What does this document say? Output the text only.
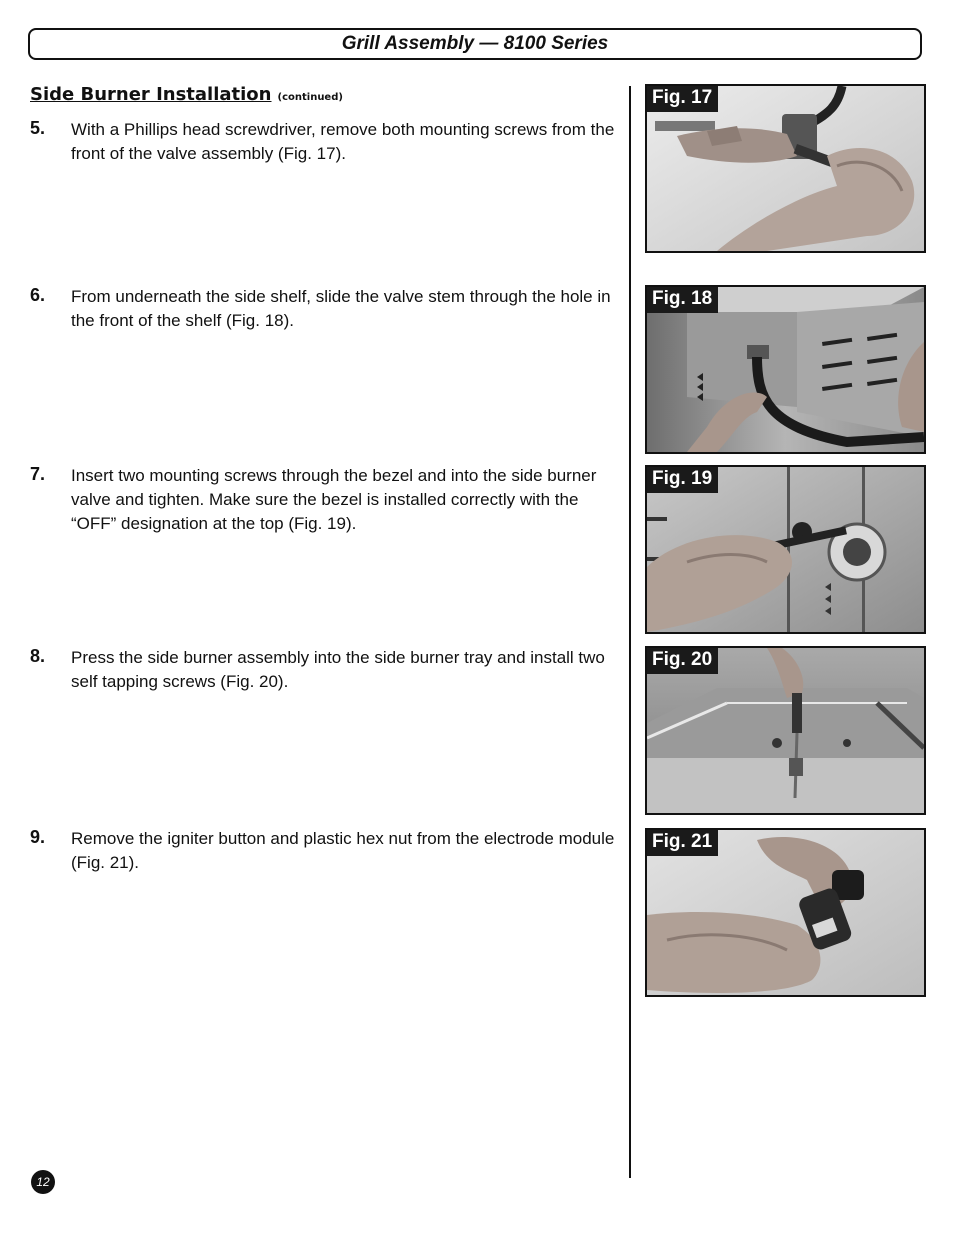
Grill Assembly — 8100 Series
Side Burner Installation (continued)
5. With a Phillips head screwdriver, remove both mounting screws from the front of the valve assembly (Fig. 17).
6. From underneath the side shelf, slide the valve stem through the hole in the front of the shelf (Fig. 18).
7. Insert two mounting screws through the bezel and into the side burner valve and tighten. Make sure the bezel is installed correctly with the “OFF” designation at the top (Fig. 19).
8. Press the side burner assembly into the side burner tray and install two self tapping screws (Fig. 20).
9. Remove the igniter button and plastic hex nut from the electrode module (Fig. 21).
Fig. 17
Fig. 18
Fig. 19
Fig. 20
Fig. 21
12
